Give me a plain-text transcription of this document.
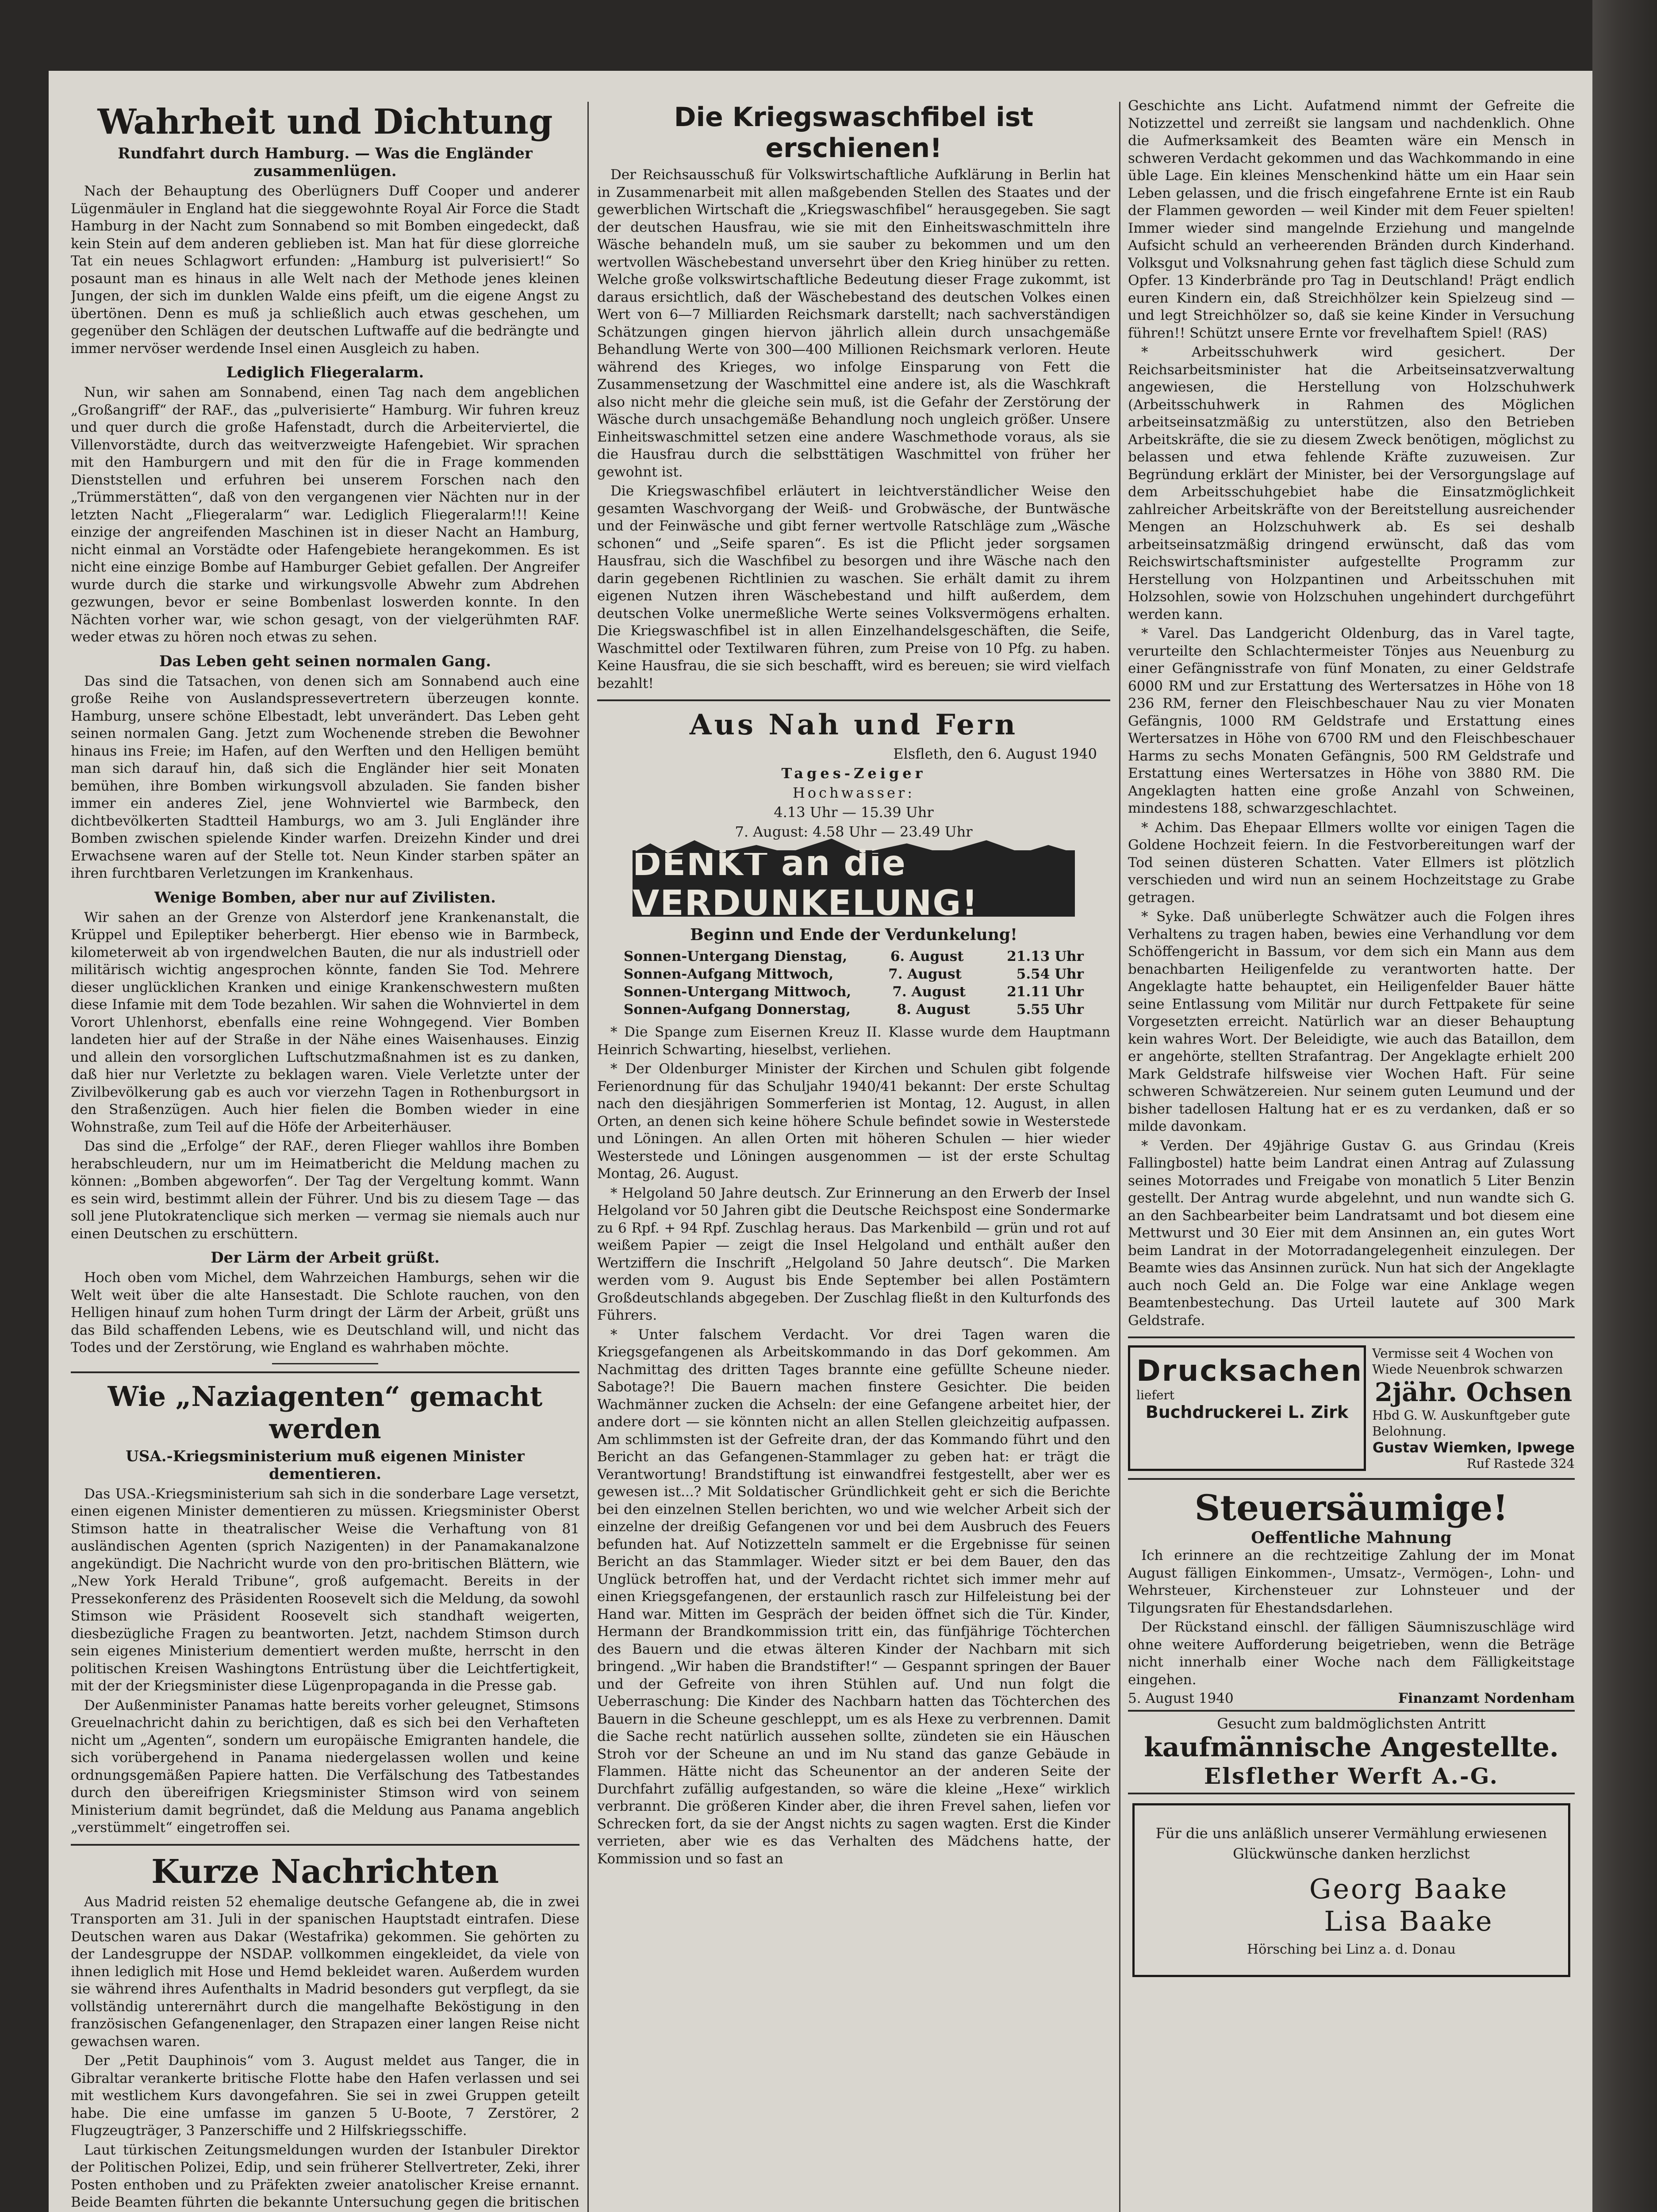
Wahrheit und Dichtung
Rundfahrt durch Hamburg. — Was die Engländer zusammenlügen.

Nach der Behauptung des Oberlügners Duff Cooper und anderer Lügenmäuler in England hat die sieggewohnte Royal Air Force die Stadt Hamburg in der Nacht zum Sonnabend so mit Bomben eingedeckt, daß kein Stein auf dem anderen geblieben ist. Man hat für diese glorreiche Tat ein neues Schlagwort erfunden: „Hamburg ist pulverisiert!“ So posaunt man es hinaus in alle Welt nach der Methode jenes kleinen Jungen, der sich im dunklen Walde eins pfeift, um die eigene Angst zu übertönen. Denn es muß ja schließlich auch etwas geschehen, um gegenüber den Schlägen der deutschen Luftwaffe auf die bedrängte und immer nervöser werdende Insel einen Ausgleich zu haben.

Lediglich Fliegeralarm.

Nun, wir sahen am Sonnabend, einen Tag nach dem angeblichen „Großangriff“ der RAF., das „pulverisierte“ Hamburg. Wir fuhren kreuz und quer durch die große Hafenstadt, durch die Arbeiterviertel, die Villenvorstädte, durch das weitverzweigte Hafengebiet. Wir sprachen mit den Hamburgern und mit den für die in Frage kommenden Dienststellen und erfuhren bei unserem Forschen nach den „Trümmerstätten“, daß von den vergangenen vier Nächten nur in der letzten Nacht „Fliegeralarm“ war. Lediglich Fliegeralarm!!! Keine einzige der angreifenden Maschinen ist in dieser Nacht an Hamburg, nicht einmal an Vorstädte oder Hafengebiete herangekommen. Es ist nicht eine einzige Bombe auf Hamburger Gebiet gefallen. Der Angreifer wurde durch die starke und wirkungsvolle Abwehr zum Abdrehen gezwungen, bevor er seine Bombenlast loswerden konnte. In den Nächten vorher war, wie schon gesagt, von der vielgerühmten RAF. weder etwas zu hören noch etwas zu sehen.

Das Leben geht seinen normalen Gang.

Das sind die Tatsachen, von denen sich am Sonnabend auch eine große Reihe von Auslandspressevertretern überzeugen konnte. Hamburg, unsere schöne Elbestadt, lebt unverändert. Das Leben geht seinen normalen Gang. Jetzt zum Wochenende streben die Bewohner hinaus ins Freie; im Hafen, auf den Werften und den Helligen bemüht man sich darauf hin, daß sich die Engländer hier seit Monaten bemühen, ihre Bomben wirkungsvoll abzuladen. Sie fanden bisher immer ein anderes Ziel, jene Wohnviertel wie Barmbeck, den dichtbevölkerten Stadtteil Hamburgs, wo am 3. Juli Engländer ihre Bomben zwischen spielende Kinder warfen. Dreizehn Kinder und drei Erwachsene waren auf der Stelle tot. Neun Kinder starben später an ihren furchtbaren Verletzungen im Krankenhaus.

Wenige Bomben, aber nur auf Zivilisten.

Wir sahen an der Grenze von Alsterdorf jene Krankenanstalt, die Krüppel und Epileptiker beherbergt. Hier ebenso wie in Barmbeck, kilometerweit ab von irgendwelchen Bauten, die nur als industriell oder militärisch wichtig angesprochen könnte, fanden Sie Tod. Mehrere dieser unglücklichen Kranken und einige Krankenschwestern mußten diese Infamie mit dem Tode bezahlen. Wir sahen die Wohnviertel in dem Vorort Uhlenhorst, ebenfalls eine reine Wohngegend. Vier Bomben landeten hier auf der Straße in der Nähe eines Waisenhauses. Einzig und allein den vorsorglichen Luftschutzmaßnahmen ist es zu danken, daß hier nur Verletzte zu beklagen waren. Viele Verletzte unter der Zivilbevölkerung gab es auch vor vierzehn Tagen in Rothenburgsort in den Straßenzügen. Auch hier fielen die Bomben wieder in eine Wohnstraße, zum Teil auf die Höfe der Arbeiterhäuser.

Das sind die „Erfolge“ der RAF., deren Flieger wahllos ihre Bomben herabschleudern, nur um im Heimatbericht die Meldung machen zu können: „Bomben abgeworfen“. Der Tag der Vergeltung kommt. Wann es sein wird, bestimmt allein der Führer. Und bis zu diesem Tage — das soll jene Plutokratenclique sich merken — vermag sie niemals auch nur einen Deutschen zu erschüttern.

Der Lärm der Arbeit grüßt.

Hoch oben vom Michel, dem Wahrzeichen Hamburgs, sehen wir die Welt weit über die alte Hansestadt. Die Schlote rauchen, von den Helligen hinauf zum hohen Turm dringt der Lärm der Arbeit, grüßt uns das Bild schaffenden Lebens, wie es Deutschland will, und nicht das Todes und der Zerstörung, wie England es wahrhaben möchte.

Wie „Naziagenten“ gemacht werden
USA.-Kriegsministerium muß eigenen Minister dementieren.

Das USA.-Kriegsministerium sah sich in die sonderbare Lage versetzt, einen eigenen Minister dementieren zu müssen. Kriegsminister Oberst Stimson hatte in theatralischer Weise die Verhaftung von 81 ausländischen Agenten (sprich Nazigenten) in der Panamakanalzone angekündigt. Die Nachricht wurde von den pro-britischen Blättern, wie „New York Herald Tribune“, groß aufgemacht. Bereits in der Pressekonferenz des Präsidenten Roosevelt sich die Meldung, da sowohl Stimson wie Präsident Roosevelt sich standhaft weigerten, diesbezügliche Fragen zu beantworten. Jetzt, nachdem Stimson durch sein eigenes Ministerium dementiert werden mußte, herrscht in den politischen Kreisen Washingtons Entrüstung über die Leichtfertigkeit, mit der der Kriegsminister diese Lügenpropaganda in die Presse gab.

Der Außenminister Panamas hatte bereits vorher geleugnet, Stimsons Greuelnachricht dahin zu berichtigen, daß es sich bei den Verhafteten nicht um „Agenten“, sondern um europäische Emigranten handele, die sich vorübergehend in Panama niedergelassen wollen und keine ordnungsgemäßen Papiere hatten. Die Verfälschung des Tatbestandes durch den übereifrigen Kriegsminister Stimson wird von seinem Ministerium damit begründet, daß die Meldung aus Panama angeblich „verstümmelt“ eingetroffen sei.

Kurze Nachrichten

Aus Madrid reisten 52 ehemalige deutsche Gefangene ab, die in zwei Transporten am 31. Juli in der spanischen Hauptstadt eintrafen. Diese Deutschen waren aus Dakar (Westafrika) gekommen. Sie gehörten zu der Landesgruppe der NSDAP. vollkommen eingekleidet, da viele von ihnen lediglich mit Hose und Hemd bekleidet waren. Außerdem wurden sie während ihres Aufenthalts in Madrid besonders gut verpflegt, da sie vollständig unterernährt durch die mangelhafte Beköstigung in den französischen Gefangenenlager, den Strapazen einer langen Reise nicht gewachsen waren.

Der „Petit Dauphinois“ vom 3. August meldet aus Tanger, die in Gibraltar verankerte britische Flotte habe den Hafen verlassen und sei mit westlichem Kurs davongefahren. Sie sei in zwei Gruppen geteilt habe. Die eine umfasse im ganzen 5 U-Boote, 7 Zerstörer, 2 Flugzeugträger, 3 Panzerschiffe und 2 Hilfskriegsschiffe.

Laut türkischen Zeitungsmeldungen wurden der Istanbuler Direktor der Politischen Polizei, Edip, und sein früherer Stellvertreter, Zeki, ihrer Posten enthoben und zu Präfekten zweier anatolischer Kreise ernannt. Beide Beamten führten die bekannte Untersuchung gegen die britischen

Die Kriegswaschfibel ist erschienen!

Der Reichsausschuß für Volkswirtschaftliche Aufklärung in Berlin hat in Zusammenarbeit mit allen maßgebenden Stellen des Staates und der gewerblichen Wirtschaft die „Kriegswaschfibel“ herausgegeben. Sie sagt der deutschen Hausfrau, wie sie mit den Einheitswaschmitteln ihre Wäsche behandeln muß, um sie sauber zu bekommen und um den wertvollen Wäschebestand unversehrt über den Krieg hinüber zu retten. Welche große volkswirtschaftliche Bedeutung dieser Frage zukommt, ist daraus ersichtlich, daß der Wäschebestand des deutschen Volkes einen Wert von 6—7 Milliarden Reichsmark darstellt; nach sachverständigen Schätzungen gingen hiervon jährlich allein durch unsachgemäße Behandlung Werte von 300—400 Millionen Reichsmark verloren. Heute während des Krieges, wo infolge Einsparung von Fett die Zusammensetzung der Waschmittel eine andere ist, als die Waschkraft also nicht mehr die gleiche sein muß, ist die Gefahr der Zerstörung der Wäsche durch unsachgemäße Behandlung noch ungleich größer. Unsere Einheitswaschmittel setzen eine andere Waschmethode voraus, als sie die Hausfrau durch die selbsttätigen Waschmittel von früher her gewohnt ist.

Die Kriegswaschfibel erläutert in leichtverständlicher Weise den gesamten Waschvorgang der Weiß- und Grobwäsche, der Buntwäsche und der Feinwäsche und gibt ferner wertvolle Ratschläge zum „Wäsche schonen“ und „Seife sparen“. Es ist die Pflicht jeder sorgsamen Hausfrau, sich die Waschfibel zu besorgen und ihre Wäsche nach den darin gegebenen Richtlinien zu waschen. Sie erhält damit zu ihrem eigenen Nutzen ihren Wäschebestand und hilft außerdem, dem deutschen Volke unermeßliche Werte seines Volksvermögens erhalten. Die Kriegswaschfibel ist in allen Einzelhandelsgeschäften, die Seife, Waschmittel oder Textilwaren führen, zum Preise von 10 Pfg. zu haben. Keine Hausfrau, die sie sich beschafft, wird es bereuen; sie wird vielfach bezahlt!

Aus Nah und Fern
Elsfleth, den 6. August 1940
Tages-Zeiger
Hochwasser:
4.13 Uhr — 15.39 Uhr
7. August: 4.58 Uhr — 23.49 Uhr
DENKT an die VERDUNKELUNG!
Beginn und Ende der Verdunkelung!
Sonnen-Untergang Dienstag,	6. August	21.13 Uhr
Sonnen-Aufgang Mittwoch,	7. August	5.54 Uhr
Sonnen-Untergang Mittwoch,	7. August	21.11 Uhr
Sonnen-Aufgang Donnerstag,	8. August	5.55 Uhr

* Die Spange zum Eisernen Kreuz II. Klasse wurde dem Hauptmann Heinrich Schwarting, hieselbst, verliehen.

* Der Oldenburger Minister der Kirchen und Schulen gibt folgende Ferienordnung für das Schuljahr 1940/41 bekannt: Der erste Schultag nach den diesjährigen Sommerferien ist Montag, 12. August, in allen Orten, an denen sich keine höhere Schule befindet sowie in Westerstede und Löningen. An allen Orten mit höheren Schulen — hier wieder Westerstede und Löningen ausgenommen — ist der erste Schultag Montag, 26. August.

* Helgoland 50 Jahre deutsch. Zur Erinnerung an den Erwerb der Insel Helgoland vor 50 Jahren gibt die Deutsche Reichspost eine Sondermarke zu 6 Rpf. + 94 Rpf. Zuschlag heraus. Das Markenbild — grün und rot auf weißem Papier — zeigt die Insel Helgoland und enthält außer den Wertziffern die Inschrift „Helgoland 50 Jahre deutsch“. Die Marken werden vom 9. August bis Ende September bei allen Postämtern Großdeutschlands abgegeben. Der Zuschlag fließt in den Kulturfonds des Führers.

* Unter falschem Verdacht. Vor drei Tagen waren die Kriegsgefangenen als Arbeitskommando in das Dorf gekommen. Am Nachmittag des dritten Tages brannte eine gefüllte Scheune nieder. Sabotage?! Die Bauern machen finstere Gesichter. Die beiden Wachmänner zucken die Achseln: der eine Gefangene arbeitet hier, der andere dort — sie könnten nicht an allen Stellen gleichzeitig aufpassen. Am schlimmsten ist der Gefreite dran, der das Kommando führt und den Bericht an das Gefangenen-Stammlager zu geben hat: er trägt die Verantwortung! Brandstiftung ist einwandfrei festgestellt, aber wer es gewesen ist...? Mit Soldatischer Gründlichkeit geht er sich die Berichte bei den einzelnen Stellen berichten, wo und wie welcher Arbeit sich der einzelne der dreißig Gefangenen vor und bei dem Ausbruch des Feuers befunden hat. Auf Notizzetteln sammelt er die Ergebnisse für seinen Bericht an das Stammlager. Wieder sitzt er bei dem Bauer, den das Unglück betroffen hat, und der Verdacht richtet sich immer mehr auf einen Kriegsgefangenen, der erstaunlich rasch zur Hilfeleistung bei der Hand war. Mitten im Gespräch der beiden öffnet sich die Tür. Kinder, Hermann der Brandkommission tritt ein, das fünfjährige Töchterchen des Bauern und die etwas älteren Kinder der Nachbarn mit sich bringend. „Wir haben die Brandstifter!“ — Gespannt springen der Bauer und der Gefreite von ihren Stühlen auf. Und nun folgt die Ueberraschung: Die Kinder des Nachbarn hatten das Töchterchen des Bauern in die Scheune geschleppt, um es als Hexe zu verbrennen. Damit die Sache recht natürlich aussehen sollte, zündeten sie ein Häuschen Stroh vor der Scheune an und im Nu stand das ganze Gebäude in Flammen. Hätte nicht das Scheunentor an der anderen Seite der Durchfahrt zufällig aufgestanden, so wäre die kleine „Hexe“ wirklich verbrannt. Die größeren Kinder aber, die ihren Frevel sahen, liefen vor Schrecken fort, da sie der Angst nichts zu sagen wagten. Erst die Kinder verrieten, aber wie es das Verhalten des Mädchens hatte, der Kommission und so fast an

Geschichte ans Licht. Aufatmend nimmt der Gefreite die Notizzettel und zerreißt sie langsam und nachdenklich. Ohne die Aufmerksamkeit des Beamten wäre ein Mensch in schweren Verdacht gekommen und das Wachkommando in eine üble Lage. Ein kleines Menschenkind hätte um ein Haar sein Leben gelassen, und die frisch eingefahrene Ernte ist ein Raub der Flammen geworden — weil Kinder mit dem Feuer spielten! Immer wieder sind mangelnde Erziehung und mangelnde Aufsicht schuld an verheerenden Bränden durch Kinderhand. Volksgut und Volksnahrung gehen fast täglich diese Schuld zum Opfer. 13 Kinderbrände pro Tag in Deutschland! Prägt endlich euren Kindern ein, daß Streichhölzer kein Spielzeug sind — und legt Streichhölzer so, daß sie keine Kinder in Versuchung führen!! Schützt unsere Ernte vor frevelhaftem Spiel! (RAS)

* Arbeitsschuhwerk wird gesichert. Der Reichsarbeitsminister hat die Arbeitseinsatzverwaltung angewiesen, die Herstellung von Holzschuhwerk (Arbeitsschuhwerk in Rahmen des Möglichen arbeitseinsatzmäßig zu unterstützen, also den Betrieben Arbeitskräfte, die sie zu diesem Zweck benötigen, möglichst zu belassen und etwa fehlende Kräfte zuzuweisen. Zur Begründung erklärt der Minister, bei der Versorgungslage auf dem Arbeitsschuhgebiet habe die Einsatzmöglichkeit zahlreicher Arbeitskräfte von der Bereitstellung ausreichender Mengen an Holzschuhwerk ab. Es sei deshalb arbeitseinsatzmäßig dringend erwünscht, daß das vom Reichswirtschaftsminister aufgestellte Programm zur Herstellung von Holzpantinen und Arbeitsschuhen mit Holzsohlen, sowie von Holzschuhen ungehindert durchgeführt werden kann.

* Varel. Das Landgericht Oldenburg, das in Varel tagte, verurteilte den Schlachtermeister Tönjes aus Neuenburg zu einer Gefängnisstrafe von fünf Monaten, zu einer Geldstrafe 6000 RM und zur Erstattung des Wertersatzes in Höhe von 18 236 RM, ferner den Fleischbeschauer Nau zu vier Monaten Gefängnis, 1000 RM Geldstrafe und Erstattung eines Wertersatzes in Höhe von 6700 RM und den Fleischbeschauer Harms zu sechs Monaten Gefängnis, 500 RM Geldstrafe und Erstattung eines Wertersatzes in Höhe von 3880 RM. Die Angeklagten hatten eine große Anzahl von Schweinen, mindestens 188, schwarzgeschlachtet.

* Achim. Das Ehepaar Ellmers wollte vor einigen Tagen die Goldene Hochzeit feiern. In die Festvorbereitungen warf der Tod seinen düsteren Schatten. Vater Ellmers ist plötzlich verschieden und wird nun an seinem Hochzeitstage zu Grabe getragen.

* Syke. Daß unüberlegte Schwätzer auch die Folgen ihres Verhaltens zu tragen haben, bewies eine Verhandlung vor dem Schöffengericht in Bassum, vor dem sich ein Mann aus dem benachbarten Heiligenfelde zu verantworten hatte. Der Angeklagte hatte behauptet, ein Heiligenfelder Bauer hätte seine Entlassung vom Militär nur durch Fettpakete für seine Vorgesetzten erreicht. Natürlich war an dieser Behauptung kein wahres Wort. Der Beleidigte, wie auch das Bataillon, dem er angehörte, stellten Strafantrag. Der Angeklagte erhielt 200 Mark Geldstrafe hilfsweise vier Wochen Haft. Für seine schweren Schwätzereien. Nur seinem guten Leumund und der bisher tadellosen Haltung hat er es zu verdanken, daß er so milde davonkam.

* Verden. Der 49jährige Gustav G. aus Grindau (Kreis Fallingbostel) hatte beim Landrat einen Antrag auf Zulassung seines Motorrades und Freigabe von monatlich 5 Liter Benzin gestellt. Der Antrag wurde abgelehnt, und nun wandte sich G. an den Sachbearbeiter beim Landratsamt und bot diesem eine Mettwurst und 30 Eier mit dem Ansinnen an, ein gutes Wort beim Landrat in der Motorradangelegenheit einzulegen. Der Beamte wies das Ansinnen zurück. Nun hat sich der Angeklagte auch noch Geld an. Die Folge war eine Anklage wegen Beamtenbestechung. Das Urteil lautete auf 300 Mark Geldstrafe.

Drucksachen
liefert
Buchdruckerei L. Zirk
Vermisse seit 4 Wochen von Wiede Neuenbrok schwarzen
2jähr. Ochsen
Hbd G. W. Auskunftgeber gute Belohnung.
Gustav Wiemken, Ipwege
Ruf Rastede 324
Steuersäumige!
Oeffentliche Mahnung

Ich erinnere an die rechtzeitige Zahlung der im Monat August fälligen Einkommen-, Umsatz-, Vermögen-, Lohn- und Wehrsteuer, Kirchensteuer zur Lohnsteuer und der Tilgungsraten für Ehestandsdarlehen.

Der Rückstand einschl. der fälligen Säumniszuschläge wird ohne weitere Aufforderung beigetrieben, wenn die Beträge nicht innerhalb einer Woche nach dem Fälligkeitstage eingehen.

5. August 1940	Finanzamt Nordenham
Gesucht zum baldmöglichsten Antritt
kaufmännische Angestellte.
Elsflether Werft A.-G.
Für die uns anläßlich unserer Vermählung erwiesenen Glückwünsche danken herzlichst
Georg Baake
Lisa Baake
Hörsching bei Linz a. d. Donau
